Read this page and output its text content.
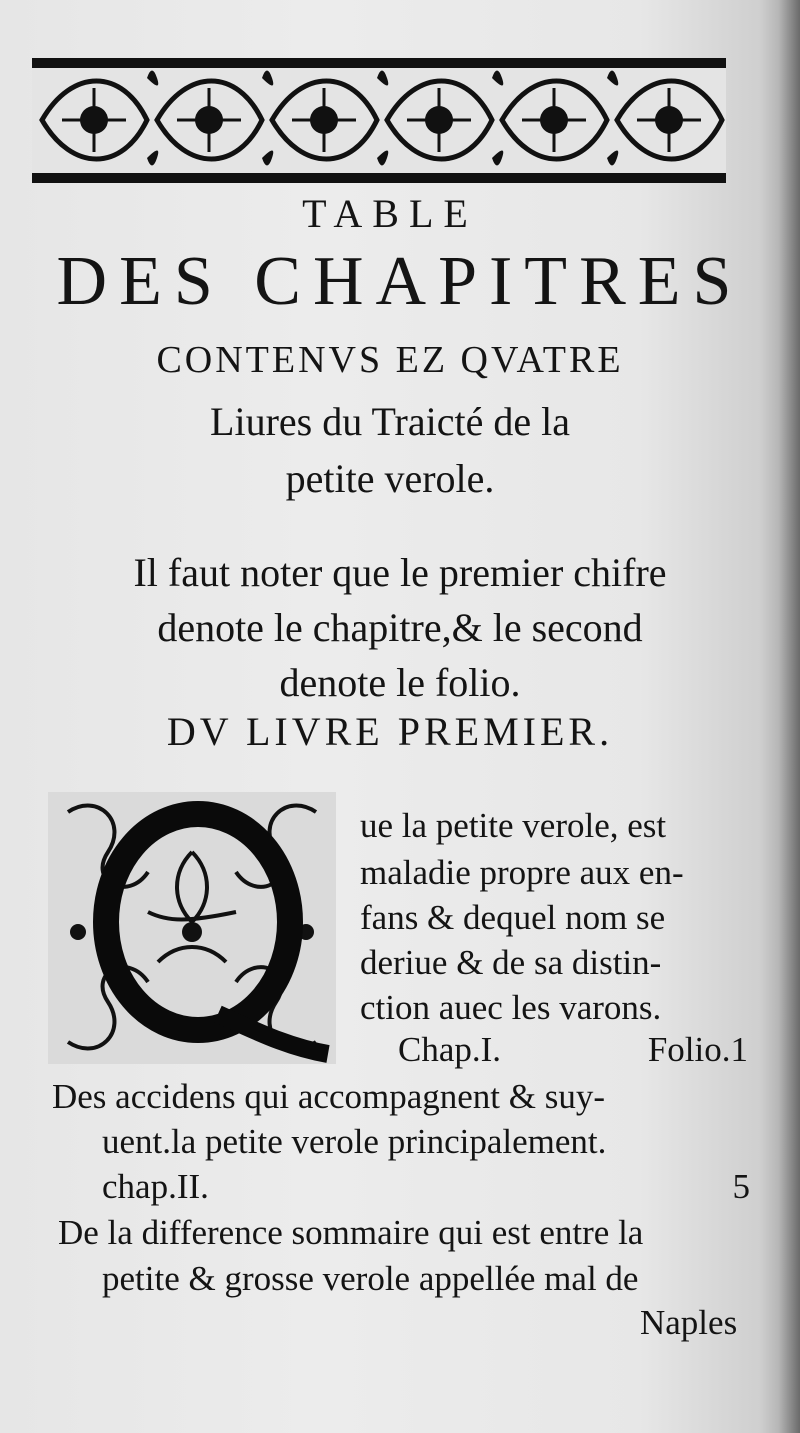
TABLE
DES CHAPITRES
CONTENVS EZ QVATRE
Liures du Traicté de la
petite verole.
Il faut noter que le premier chifre
denote le chapitre,& le second
denote le folio.
DV LIVRE PREMIER.
Q
ue la petite verole, est
maladie propre aux en-
fans & dequel nom se
deriue & de sa distin-
ction auec les varons.
Chap.I.	Folio.1
Des accidens qui accompagnent & suy-
uent.la petite verole principalement.
chap.II.	5
De la difference sommaire qui est entre la
petite & grosse verole appellée mal de
Naples
